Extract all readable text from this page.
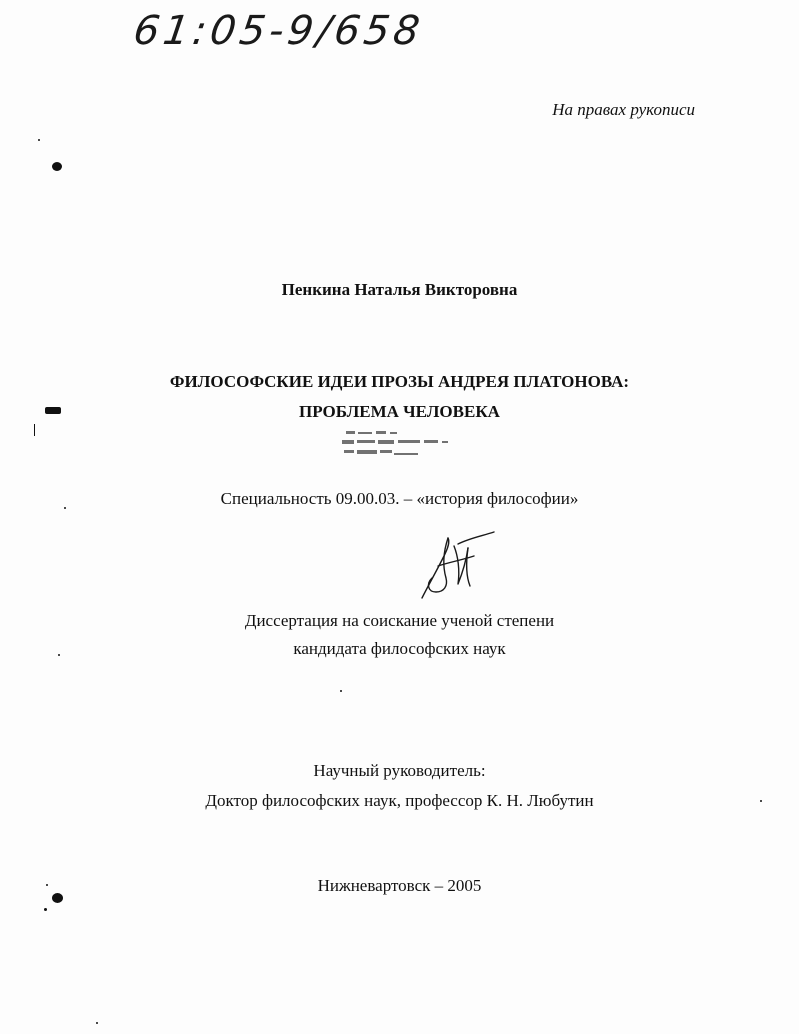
61:05-9/658
На правах рукописи
Пенкина Наталья Викторовна
ФИЛОСОФСКИЕ ИДЕИ ПРОЗЫ АНДРЕЯ ПЛАТОНОВА:
ПРОБЛЕМА ЧЕЛОВЕКА
Специальность 09.00.03. – «история философии»
Диссертация на соискание ученой степени
кандидата философских наук
Научный руководитель:
Доктор философских наук, профессор К. Н. Любутин
Нижневартовск – 2005
